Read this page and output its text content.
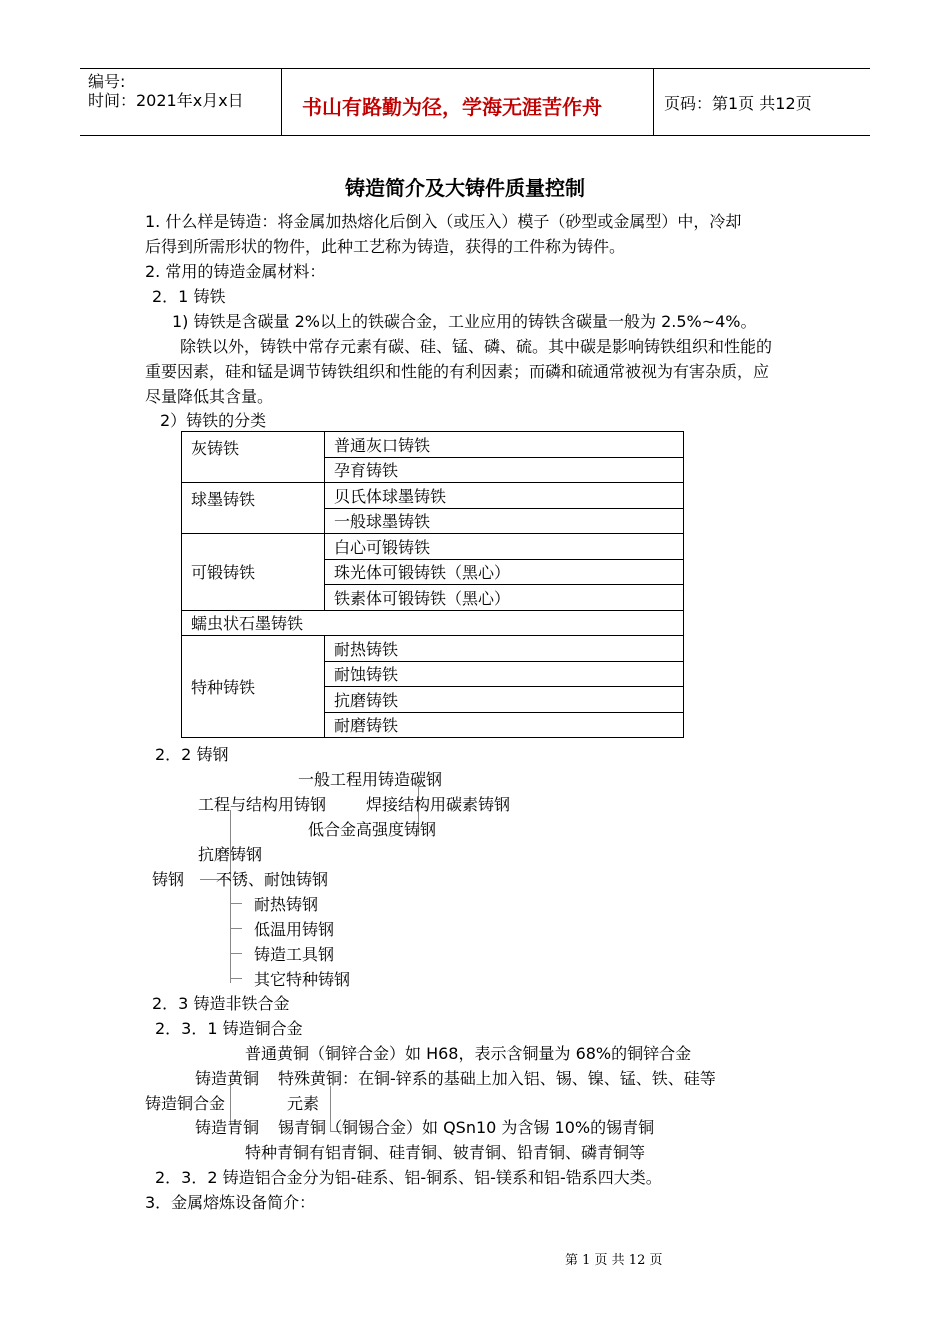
编号:
时间：2021年x月x日	书山有路勤为径，学海无涯苦作舟	页码：第1页 共12页
铸造简介及大铸件质量控制
1. 什么样是铸造：将金属加热熔化后倒入（或压入）模子（砂型或金属型）中，冷却
后得到所需形状的物件，此种工艺称为铸造，获得的工件称为铸件。
2. 常用的铸造金属材料：
2．1 铸铁
1) 铸铁是含碳量 2%以上的铁碳合金，工业应用的铸铁含碳量一般为 2.5%~4%。
除铁以外，铸铁中常存元素有碳、硅、锰、磷、硫。其中碳是影响铸铁组织和性能的
重要因素，硅和锰是调节铸铁组织和性能的有利因素；而磷和硫通常被视为有害杂质，应
尽量降低其含量。
2）铸铁的分类
灰铸铁	普通灰口铸铁
	孕育铸铁
球墨铸铁	贝氏体球墨铸铁
	一般球墨铸铁
可锻铸铁	白心可锻铸铁
	珠光体可锻铸铁（黑心）
	铁素体可锻铸铁（黑心）
蠕虫状石墨铸铁	
特种铸铁	耐热铸铁
	耐蚀铸铁
	抗磨铸铁
	耐磨铸铁
2．2 铸钢
一般工程用铸造碳钢
工程与结构用铸钢 焊接结构用碳素铸钢
低合金高强度铸钢
抗磨铸钢
铸钢 不锈、耐蚀铸钢
耐热铸钢
低温用铸钢
铸造工具钢
其它特种铸钢
2．3 铸造非铁合金
2．3．1 铸造铜合金
普通黄铜（铜锌合金）如 H68，表示含铜量为 68%的铜锌合金
铸造黄铜 特殊黄铜：在铜-锌系的基础上加入铝、锡、镍、锰、铁、硅等
铸造铜合金	元素
铸造青铜 锡青铜（铜锡合金）如 QSn10 为含锡 10%的锡青铜
特种青铜有铝青铜、硅青铜、铍青铜、铅青铜、磷青铜等
2．3．2 铸造铝合金分为铝-硅系、铝-铜系、铝-镁系和铝-锆系四大类。
3．金属熔炼设备简介：
第 1 页 共 12 页
